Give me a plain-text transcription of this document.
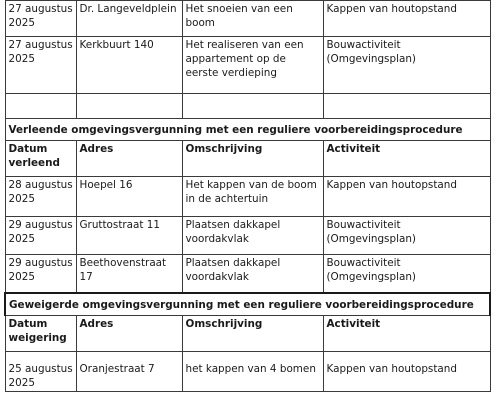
27 augustus 2025	Dr. Langeveldplein	Het snoeien van een boom	Kappen van houtopstand
27 augustus 2025	Kerkbuurt 140	Het realiseren van een appartement op de eerste verdieping	Bouwactiviteit (Omgevingsplan)

Verleende omgevingsvergunning met een reguliere voorbereidingsprocedure			
Datum verleend	Adres	Omschrijving	Activiteit
28 augustus 2025	Hoepel 16	Het kappen van de boom in de achtertuin	Kappen van houtopstand
29 augustus 2025	Gruttostraat 11	Plaatsen dakkapel voordakvlak	Bouwactiviteit (Omgevingsplan)
29 augustus 2025	Beethovenstraat 17	Plaatsen dakkapel voordakvlak	Bouwactiviteit (Omgevingsplan)
Geweigerde omgevingsvergunning met een reguliere voorbereidingsprocedure			
Datum weigering	Adres	Omschrijving	Activiteit
25 augustus 2025	Oranjestraat 7	het kappen van 4 bomen	Kappen van houtopstand
